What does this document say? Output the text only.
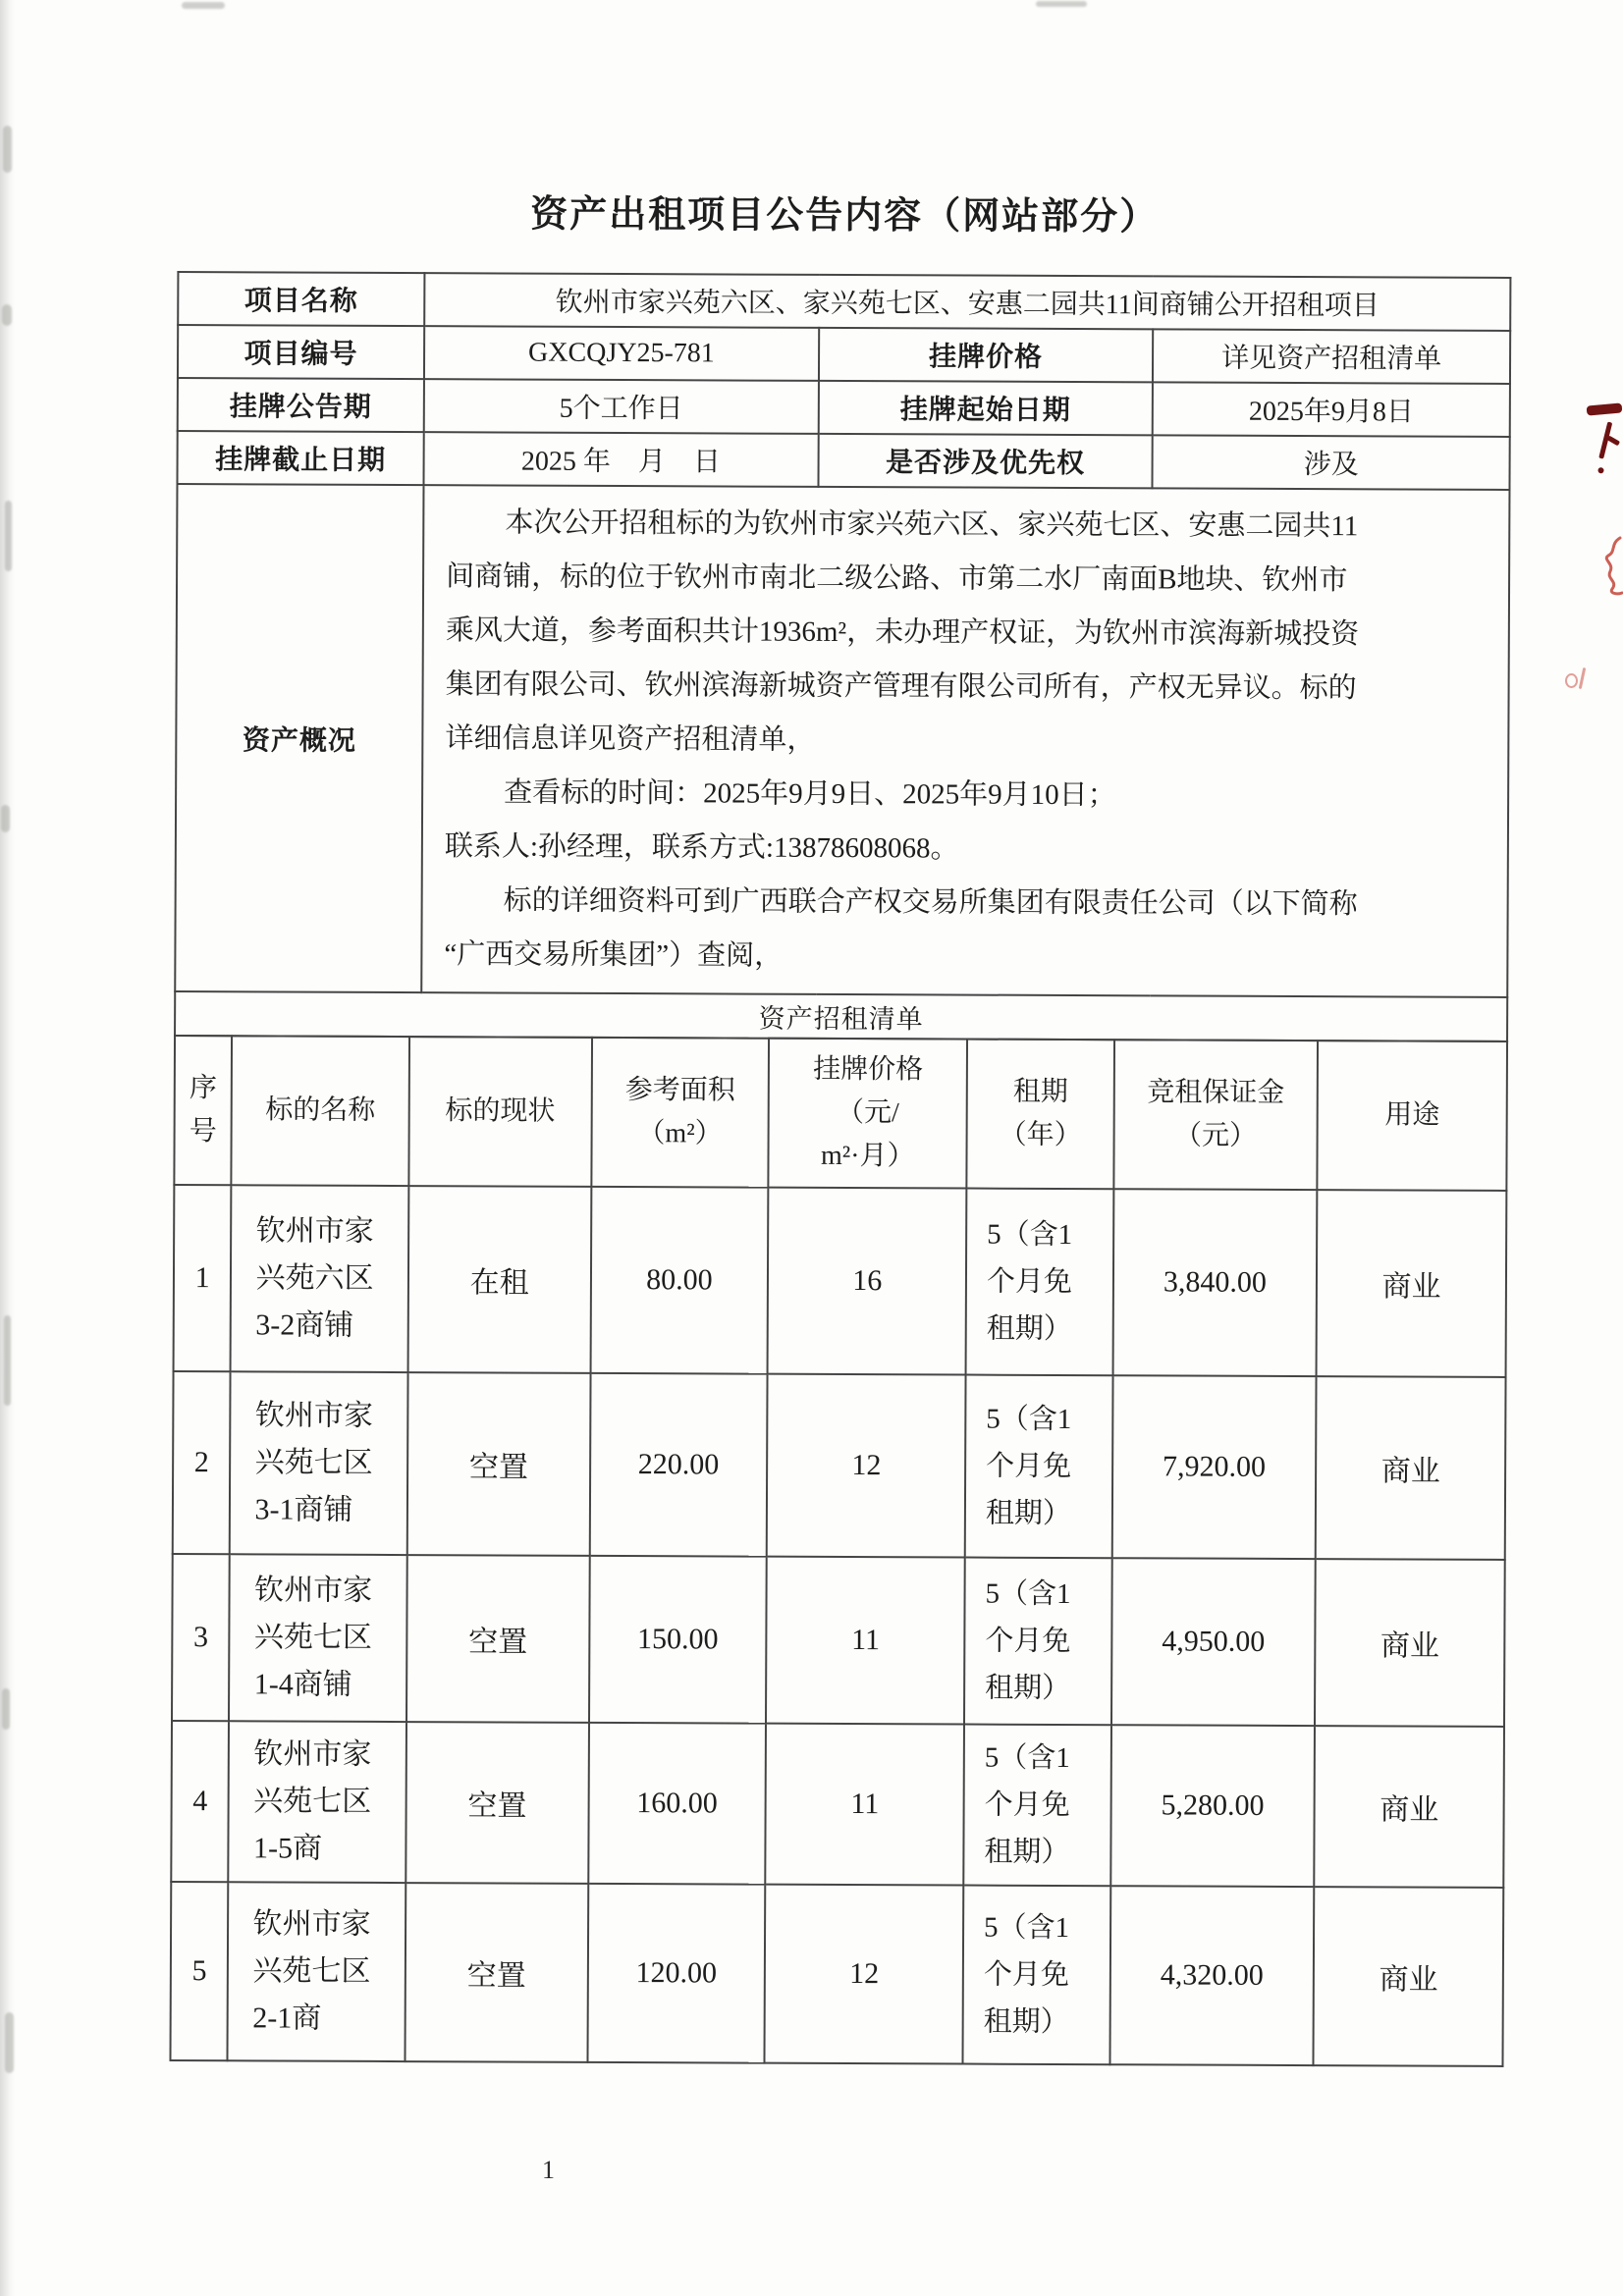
资产出租项目公告内容（网站部分）
项目名称	钦州市家兴苑六区、家兴苑七区、安惠二园共11间商铺公开招租项目		
项目编号	GXCQJY25-781	挂牌价格	详见资产招租清单
挂牌公告期	5个工作日	挂牌起始日期	2025年9月8日
挂牌截止日期	2025 年　月　日	是否涉及优先权	涉及
资产概况	
本次公开招租标的为钦州市家兴苑六区、家兴苑七区、安惠二园共11
间商铺，标的位于钦州市南北二级公路、市第二水厂南面B地块、钦州市
乘风大道，参考面积共计1936m²，未办理产权证，为钦州市滨海新城投资
集团有限公司、钦州滨海新城资产管理有限公司所有，产权无异议。标的
详细信息详见资产招租清单，
查看标的时间：2025年9月9日、2025年9月10日；
联系人:孙经理，联系方式:13878608068。
标的详细资料可到广西联合产权交易所集团有限责任公司（以下简称
“广西交易所集团”）查阅，

资产招租清单			
序
号	标的名称	标的现状	参考面积
（m²）	挂牌价格
（元/
m²·月）	租期
（年）	竞租保证金
（元）	用途
1	钦州市家兴苑六区3-2商铺	在租	80.00	16	5（含1个月免租期）	3,840.00	商业
2	钦州市家兴苑七区3-1商铺	空置	220.00	12	5（含1个月免租期）	7,920.00	商业
3	钦州市家兴苑七区1-4商铺	空置	150.00	11	5（含1个月免租期）	4,950.00	商业
4	钦州市家兴苑七区1-5商	空置	160.00	11	5（含1个月免租期）	5,280.00	商业
5	钦州市家兴苑七区2-1商	空置	120.00	12	5（含1个月免租期）	4,320.00	商业
1
